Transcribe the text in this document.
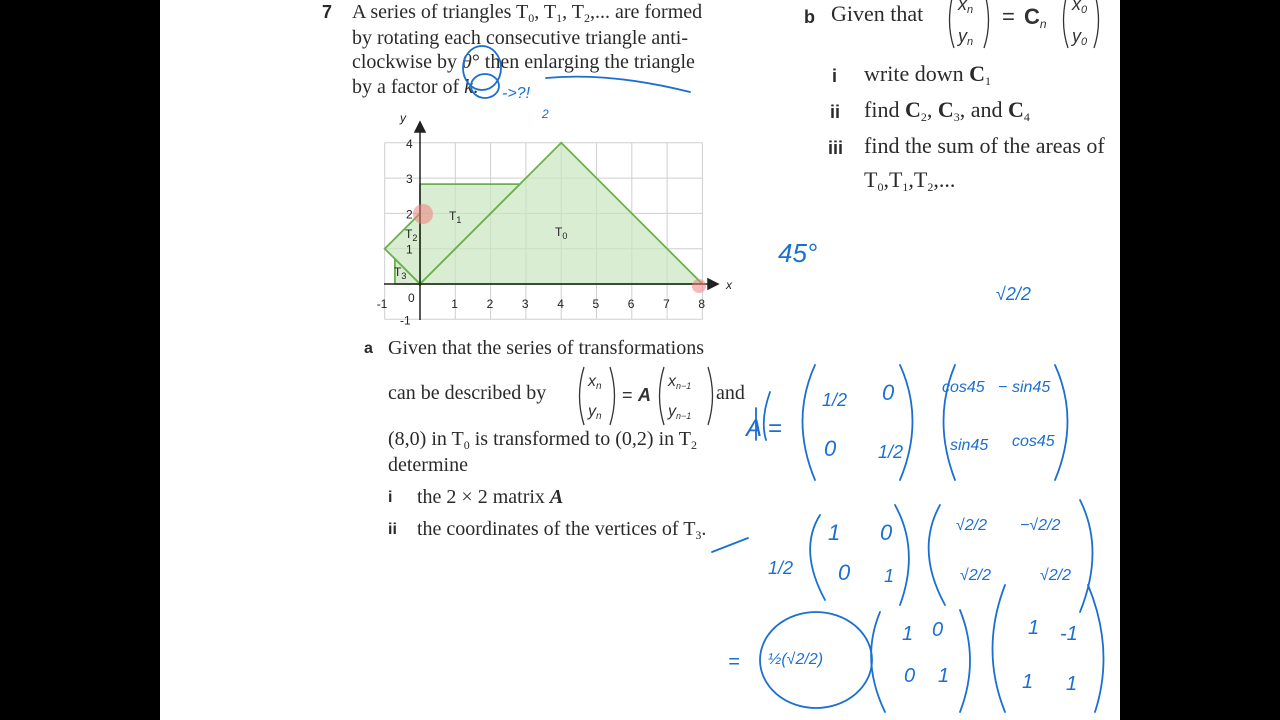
7 A series of triangles $T_0$, $T_1$, $T_2$,... are formed
by rotating each consecutive triangle anti-
clockwise by θ° then enlarging the triangle
by a factor of k.
x
y
-1 0	1 2 3 4 5 6 7 8
-1
1
2
3
4
$T_1$
$T_0$
$T_2$
$T_3$
a Given that the series of transformations
can be described by
xn
yn
= A
xn−1
yn−1
and
(8,0) in $T_0$ is transformed to (0,2) in $T_2$
determine
i the 2 × 2 matrix A
ii the coordinates of the vertices of $T_3$.
b Given that xn
yn
= Cn
x0
y0
i write down $C_1$
ii find $C_2$, $C_3$, and $C_4$
iii find the sum of the areas of
$T_0,T_1,T_2$,...
->?!
2
45°
√2/2
A =
1/2 0
0 1/2
cos45 − sin45
sin45 cos45
1/2
1 0
0 1
√2/2 −√2/2
√2/2	√2/2
= ½(√2/2)
1 0
0 1
1 -1
1 1
